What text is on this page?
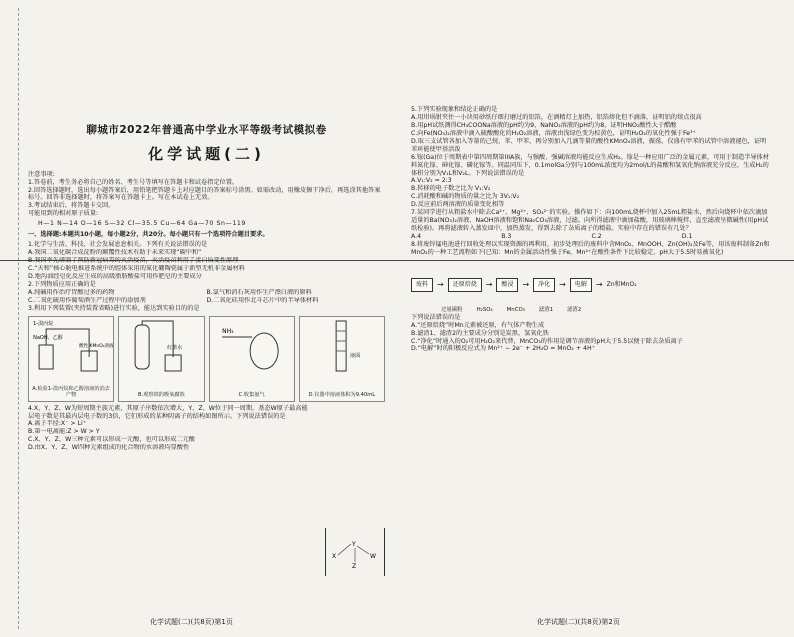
聊城市2022年普通高中学业水平等级考试模拟卷
化学试题(二)
注意事项:
1.答卷前，考生务必将自己的姓名、考生号等填写在答题卡和试卷指定位置。
2.回答选择题时，选出每小题答案后，用铅笔把答题卡上对应题目的答案标号涂黑。如需改动，用橡皮擦干净后，再选涂其他答案标号。回答非选择题时，将答案写在答题卡上。写在本试卷上无效。
3.考试结束后，将答题卡交回。
可能用到的相对原子质量:
H—1 N—14 O—16 S—32 Cl—35.5 Cu—64 Ga—70 Sn—119
一、选择题:本题共10小题，每小题2分，共20分。每小题只有一个选项符合题目要求。
1.化学与生活、科技、社会发展息息相关。下列有关说法错误的是
A.我国二氧化碳合成淀粉的颠覆性技术有助于未来实现“碳中和”
B.我国率先研制了预防新冠病毒的灭活疫苗，灭活疫苗利用了蛋白质变性原理
C.“天和”核心舱电推进系统中的腔体采用的氮化硼陶瓷属于新型无机非金属材料
D.地沟油经皂化反应生成的高级脂肪酸盐可用作肥皂的主要成分
2.下列物质应用正确的是
A.纯碱用作治疗胃酸过多的药物	B.氯气和消石灰用作生产漂白液的原料
C.二氧化硫用作葡萄酒生产过程中的添加剂	D.二氧化硅用作北斗芯片中的半导体材料
3.利用下列装置(夹持装置省略)进行实验，能达到实验目的的是
1-溴丙烷
NaOH、乙醇
酸性 KMnO₄溶液
A.检验1-溴丙烷和乙醇溶液的消去产物
红墨水
B.观察铁的吸氧腐蚀
NH₃
C.收集氨气
液面
D.仪器中溶液体积为9.40mL
4.X、Y、Z、W为短周期主族元素，其原子序数依次增大，Y、Z、W位于同一周期，基态W原子最高能层电子数是其最内层电子数的3倍，它们形成的某种阴离子的结构如图所示。下列说法错误的是
A.离子半径:X⁻ > Li⁺
B.第一电离能:Z > W > Y
C.X、Y、Z、W三种元素可以形成一元酸，也可以形成二元酸
D.由X、Y、Z、W四种元素组成的化合物的水溶液均显酸性
X
Y
Z
W
5.下列实验现象和结论正确的是
A.用坩埚钳夹住一小块用砂纸仔细打磨过的铝箔，在酒精灯上加热，铝箔熔化但不滴落，证明铝的熔点很高
B.用pH试纸测得CH₃COONa溶液的pH约为9，NaNO₂溶液的pH约为8，证明HNO₂酸性大于醋酸
C.向Fe(NO₃)₂溶液中滴入硫酸酸化的H₂O₂溶液，溶液由浅绿色变为棕黄色，证明H₂O₂的氧化性强于Fe³⁺
D.取三支试管各加入等量的己烷、苯、甲苯，再分别加入几滴等量的酸性KMnO₄溶液，振荡，仅盛有甲苯的试管中溶液褪色，证明苯环能使甲基活泼
6.镓(Ga)位于周期表中第四周期第IIIA族，与强酸、强碱溶液均能反应生成H₂。镓是一种应用广泛的金属元素，可用于制造半导体材料氮化镓、砷化镓、磷化镓等。同温同压下，0.1molGa分别与100mL浓度均为2mol/L的盐酸和氢氧化钠溶液充分反应，生成H₂的体积分别为V₁L和V₂L。下列说法错误的是
A.V₁:V₂ = 2:3
B.转移的电子数之比为 V₁:V₂
C.消耗酸和碱的物质的量之比为 3V₁:V₂
D.反应前后两溶液的质量变化相等
7.某同学进行从粗盐水中除去Ca²⁺、Mg²⁺、SO₄²⁻的实验。操作如下：向100mL烧杯中加入25mL粗盐水，然后向烧杯中依次滴加适量的Ba(NO₃)₂溶液、NaOH溶液和饱和Na₂CO₃溶液，过滤。向所得滤液中滴加盐酸，用玻璃棒搅拌，直至滤液呈微碱性(用pH试纸检验)。再将滤液转入蒸发皿中，加热蒸发，得到去除了杂质离子的精盐。实验中存在的错误有几处？
A.4	B.3	C.2	D.1
8.将废锌锰电池进行回收处理以实现资源的再利用，初步处理后的废料中含MnO₂、MnOOH、Zn(OH)₂及Fe等，用该废料制备Zn和MnO₂的一种工艺流程如下(已知：Mn的金属活动性强于Fe，Mn²⁺在酸性条件下比较稳定，pH大于5.5时易被氧化)
废料	→	还原焙烧	→	酸浸	→	净化	→	电解	→ Zn和MnO₂
过量碳粉	H₂SO₄	MnCO₃	滤渣1	滤渣2
下列说法错误的是
A.“还原焙烧”时Mn元素被还原，有气体产物生成
B.滤渣1、滤渣2的主要成分分别是炭黑、氢氧化铁
C.“净化”时通入的O₂可用H₂O₂来代替，MnCO₃的作用是调节溶液的pH大于5.5以便于除去杂质离子
D.“电解”时的阳极反应式为 Mn²⁺ − 2e⁻ + 2H₂O = MnO₂ + 4H⁺
化学试题(二)(共8页)第1页	化学试题(二)(共8页)第2页
